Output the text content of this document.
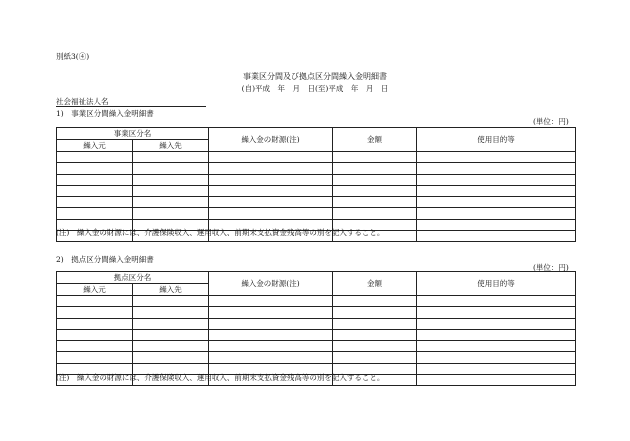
別紙3(④)
事業区分間及び拠点区分間繰入金明細書
(自)平成　年　月　日(至)平成　年　月　日
社会福祉法人名
1)　事業区分間繰入金明細書
(単位：円)
事業区分名		繰入金の財源(注)	金額	使用目的等
繰入元	繰入先			

(注)　繰入金の財源には、介護保険収入、運用収入、前期末支払資金残高等の別を記入すること。
2)　拠点区分間繰入金明細書
(単位：円)
拠点区分名		繰入金の財源(注)	金額	使用目的等
繰入元	繰入先			

(注)　繰入金の財源には、介護保険収入、運用収入、前期末支払資金残高等の別を記入すること。
